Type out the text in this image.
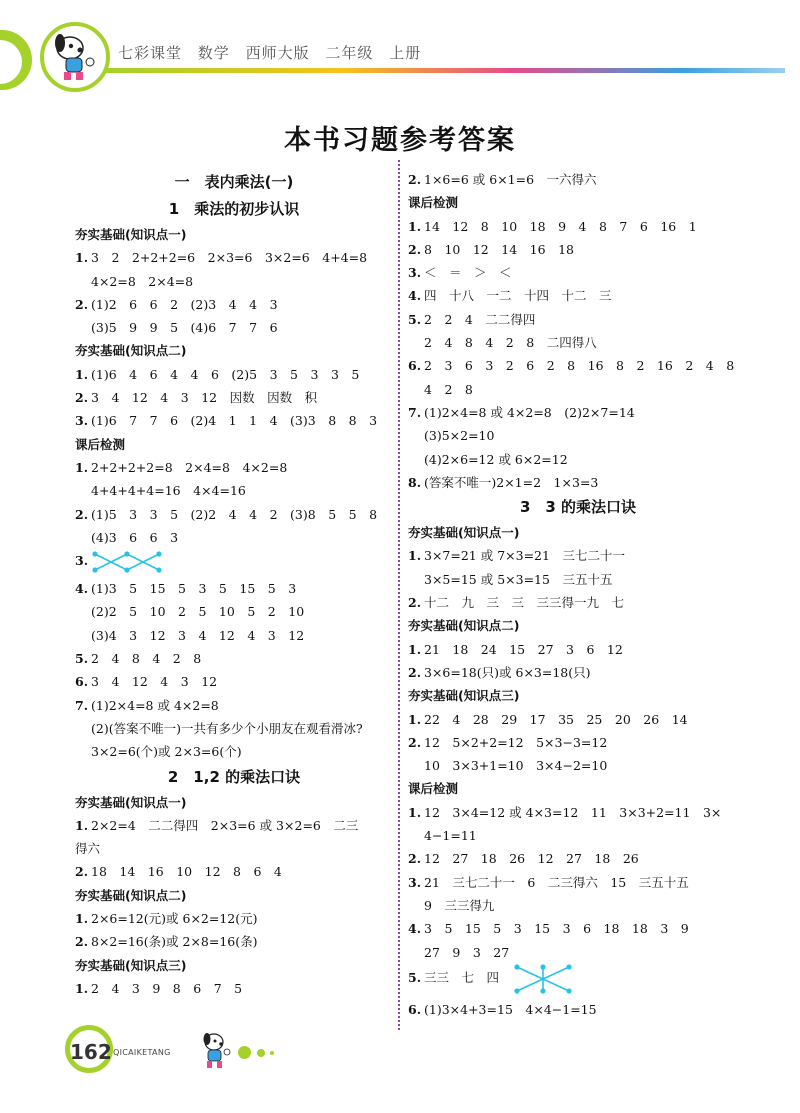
七彩课堂 数学 西师大版 二年级 上册
本书习题参考答案
一　表内乘法(一)
1　乘法的初步认识
夯实基础(知识点一)
1. 3　2　2+2+2=6　2×3=6　3×2=6　4+4=8
4×2=8　2×4=8
2. (1)2　6　6　2　(2)3　4　4　3
(3)5　9　9　5　(4)6　7　7　6
夯实基础(知识点二)
1. (1)6　4　6　4　4　6　(2)5　3　5　3　3　5
2. 3　4　12　4　3　12　因数　因数　积
3. (1)6　7　7　6　(2)4　1　1　4　(3)3　8　8　3
课后检测
1. 2+2+2+2=8　2×4=8　4×2=8
4+4+4+4=16　4×4=16
2. (1)5　3　3　5　(2)2　4　4　2　(3)8　5　5　8
(4)3　6　6　3
3.
4. (1)3　5　15　5　3　5　15　5　3
(2)2　5　10　2　5　10　5　2　10
(3)4　3　12　3　4　12　4　3　12
5. 2　4　8　4　2　8
6. 3　4　12　4　3　12
7. (1)2×4=8 或 4×2=8
(2)(答案不唯一)一共有多少个小朋友在观看滑冰?
3×2=6(个)或 2×3=6(个)
2　1,2 的乘法口诀
夯实基础(知识点一)
1. 2×2=4　二二得四　2×3=6 或 3×2=6　二三
得六
2. 18　14　16　10　12　8　6　4
夯实基础(知识点二)
1. 2×6=12(元)或 6×2=12(元)
2. 8×2=16(条)或 2×8=16(条)
夯实基础(知识点三)
1. 2　4　3　9　8　6　7　5
2. 1×6=6 或 6×1=6　一六得六
课后检测
1. 14　12　8　10　18　9　4　8　7　6　16　1
2. 8　10　12　14　16　18
3. ＜　＝　＞　＜
4. 四　十八　一二　十四　十二　三
5. 2　2　4　二二得四
2　4　8　4　2　8　二四得八
6. 2　3　6　3　2　6　2　8　16　8　2　16　2　4　8
4　2　8
7. (1)2×4=8 或 4×2=8　(2)2×7=14
(3)5×2=10
(4)2×6=12 或 6×2=12
8. (答案不唯一)2×1=2　1×3=3
3　3 的乘法口诀
夯实基础(知识点一)
1. 3×7=21 或 7×3=21　三七二十一
3×5=15 或 5×3=15　三五十五
2. 十二　九　三　三　三三得一九　七
夯实基础(知识点二)
1. 21　18　24　15　27　3　6　12
2. 3×6=18(只)或 6×3=18(只)
夯实基础(知识点三)
1. 22　4　28　29　17　35　25　20　26　14
2. 12　5×2+2=12　5×3−3=12
10　3×3+1=10　3×4−2=10
课后检测
1. 12　3×4=12 或 4×3=12　11　3×3+2=11　3×
4−1=11
2. 12　27　18　26　12　27　18　26
3. 21　三七二十一　6　二三得六　15　三五十五
9　三三得九
4. 3　5　15　5　3　15　3　6　18　18　3　9
27　9　3　27
5. 三三　七　四
6. (1)3×4+3=15　4×4−1=15
162 QICAIKETANG
